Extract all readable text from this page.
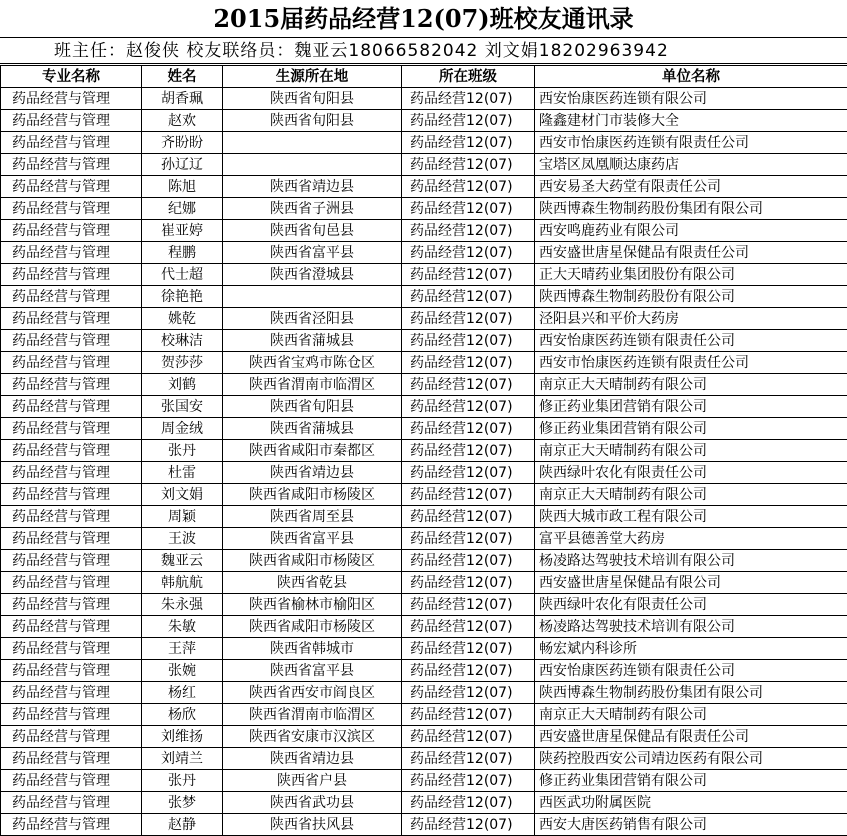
2015届药品经营12(07)班校友通讯录
班主任：赵俊侠 校友联络员：魏亚云18066582042 刘文娟18202963942
专业名称	姓名	生源所在地	所在班级	单位名称
药品经营与管理	胡香珮	陕西省旬阳县	药品经营12(07)	西安怡康医药连锁有限公司
药品经营与管理	赵欢	陕西省旬阳县	药品经营12(07)	隆鑫建材门市装修大全
药品经营与管理	齐盼盼		药品经营12(07)	西安市怡康医药连锁有限责任公司
药品经营与管理	孙辽辽		药品经营12(07)	宝塔区凤凰顺达康药店
药品经营与管理	陈旭	陕西省靖边县	药品经营12(07)	西安易圣大药堂有限责任公司
药品经营与管理	纪娜	陕西省子洲县	药品经营12(07)	陕西博森生物制药股份集团有限公司
药品经营与管理	崔亚婷	陕西省旬邑县	药品经营12(07)	西安鸣鹿药业有限公司
药品经营与管理	程鹏	陕西省富平县	药品经营12(07)	西安盛世唐星保健品有限责任公司
药品经营与管理	代士超	陕西省澄城县	药品经营12(07)	正大天晴药业集团股份有限公司
药品经营与管理	徐艳艳		药品经营12(07)	陕西博森生物制药股份有限公司
药品经营与管理	姚乾	陕西省泾阳县	药品经营12(07)	泾阳县兴和平价大药房
药品经营与管理	校琳洁	陕西省蒲城县	药品经营12(07)	西安怡康医药连锁有限责任公司
药品经营与管理	贺莎莎	陕西省宝鸡市陈仓区	药品经营12(07)	西安市怡康医药连锁有限责任公司
药品经营与管理	刘鹤	陕西省渭南市临渭区	药品经营12(07)	南京正大天晴制药有限公司
药品经营与管理	张国安	陕西省旬阳县	药品经营12(07)	修正药业集团营销有限公司
药品经营与管理	周金绒	陕西省蒲城县	药品经营12(07)	修正药业集团营销有限公司
药品经营与管理	张丹	陕西省咸阳市秦都区	药品经营12(07)	南京正大天晴制药有限公司
药品经营与管理	杜雷	陕西省靖边县	药品经营12(07)	陕西绿叶农化有限责任公司
药品经营与管理	刘文娟	陕西省咸阳市杨陵区	药品经营12(07)	南京正大天晴制药有限公司
药品经营与管理	周颖	陕西省周至县	药品经营12(07)	陕西大城市政工程有限公司
药品经营与管理	王波	陕西省富平县	药品经营12(07)	富平县德善堂大药房
药品经营与管理	魏亚云	陕西省咸阳市杨陵区	药品经营12(07)	杨凌路达驾驶技术培训有限公司
药品经营与管理	韩航航	陕西省乾县	药品经营12(07)	西安盛世唐星保健品有限公司
药品经营与管理	朱永强	陕西省榆林市榆阳区	药品经营12(07)	陕西绿叶农化有限责任公司
药品经营与管理	朱敏	陕西省咸阳市杨陵区	药品经营12(07)	杨凌路达驾驶技术培训有限公司
药品经营与管理	王萍	陕西省韩城市	药品经营12(07)	畅宏斌内科诊所
药品经营与管理	张婉	陕西省富平县	药品经营12(07)	西安怡康医药连锁有限责任公司
药品经营与管理	杨红	陕西省西安市阎良区	药品经营12(07)	陕西博森生物制药股份集团有限公司
药品经营与管理	杨欣	陕西省渭南市临渭区	药品经营12(07)	南京正大天晴制药有限公司
药品经营与管理	刘维扬	陕西省安康市汉滨区	药品经营12(07)	西安盛世唐星保健品有限责任公司
药品经营与管理	刘靖兰	陕西省靖边县	药品经营12(07)	陕药控股西安公司靖边医药有限公司
药品经营与管理	张丹	陕西省户县	药品经营12(07)	修正药业集团营销有限公司
药品经营与管理	张梦	陕西省武功县	药品经营12(07)	西医武功附属医院
药品经营与管理	赵静	陕西省扶风县	药品经营12(07)	西安大唐医药销售有限公司
